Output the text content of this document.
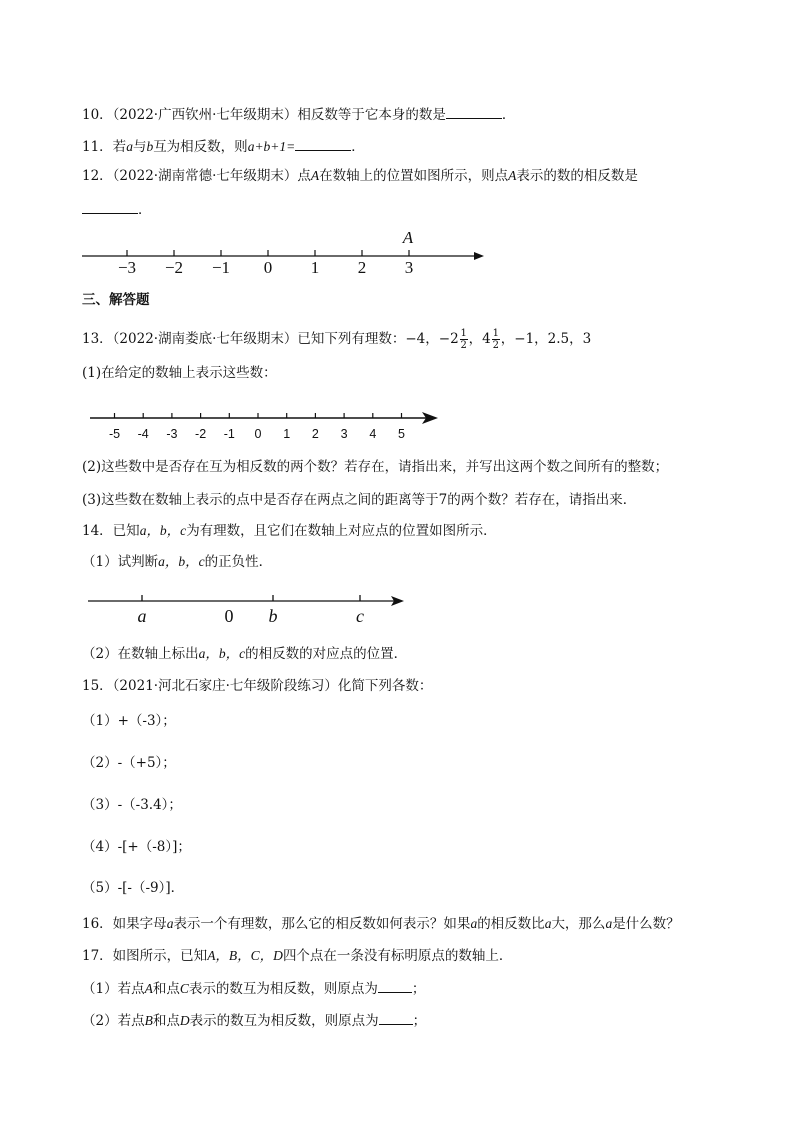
10．（2022·广西钦州·七年级期末）相反数等于它本身的数是	．
11．若a与b互为相反数，则a+b+1=	．
12．（2022·湖南常德·七年级期末）点A在数轴上的位置如图所示，则点A表示的数的相反数是
．
−3 −2 −1 0 1 2 3
A
-5 -4 -3 -2 -1 0 1 2 3 4 5
a	0 b	c
三、解答题
13．（2022·湖南娄底·七年级期末）已知下列有理数：−4，$-2 \frac{1}{2}$ ，$4 \frac{1}{2}$ ，−1，2.5，3
(1)在给定的数轴上表示这些数：
(2)这些数中是否存在互为相反数的两个数？若存在，请指出来，并写出这两个数之间所有的整数；
(3)这些数在数轴上表示的点中是否存在两点之间的距离等于7的两个数？若存在，请指出来．
14．已知a，b，c为有理数，且它们在数轴上对应点的位置如图所示．
（1）试判断a，b，c的正负性．
（2）在数轴上标出a，b，c的相反数的对应点的位置．
15．（2021·河北石家庄·七年级阶段练习）化简下列各数：
（1）+（-3）；
（2）-（+5）；
（3）-（-3.4）；
（4）-[+（-8）]；
（5）-[-（-9）]．
16．如果字母a表示一个有理数，那么它的相反数如何表示？如果a的相反数比a大，那么a是什么数？
17．如图所示，已知A，B，C，D四个点在一条没有标明原点的数轴上．
（1）若点A和点C表示的数互为相反数，则原点为	；
（2）若点B和点D表示的数互为相反数，则原点为	；
